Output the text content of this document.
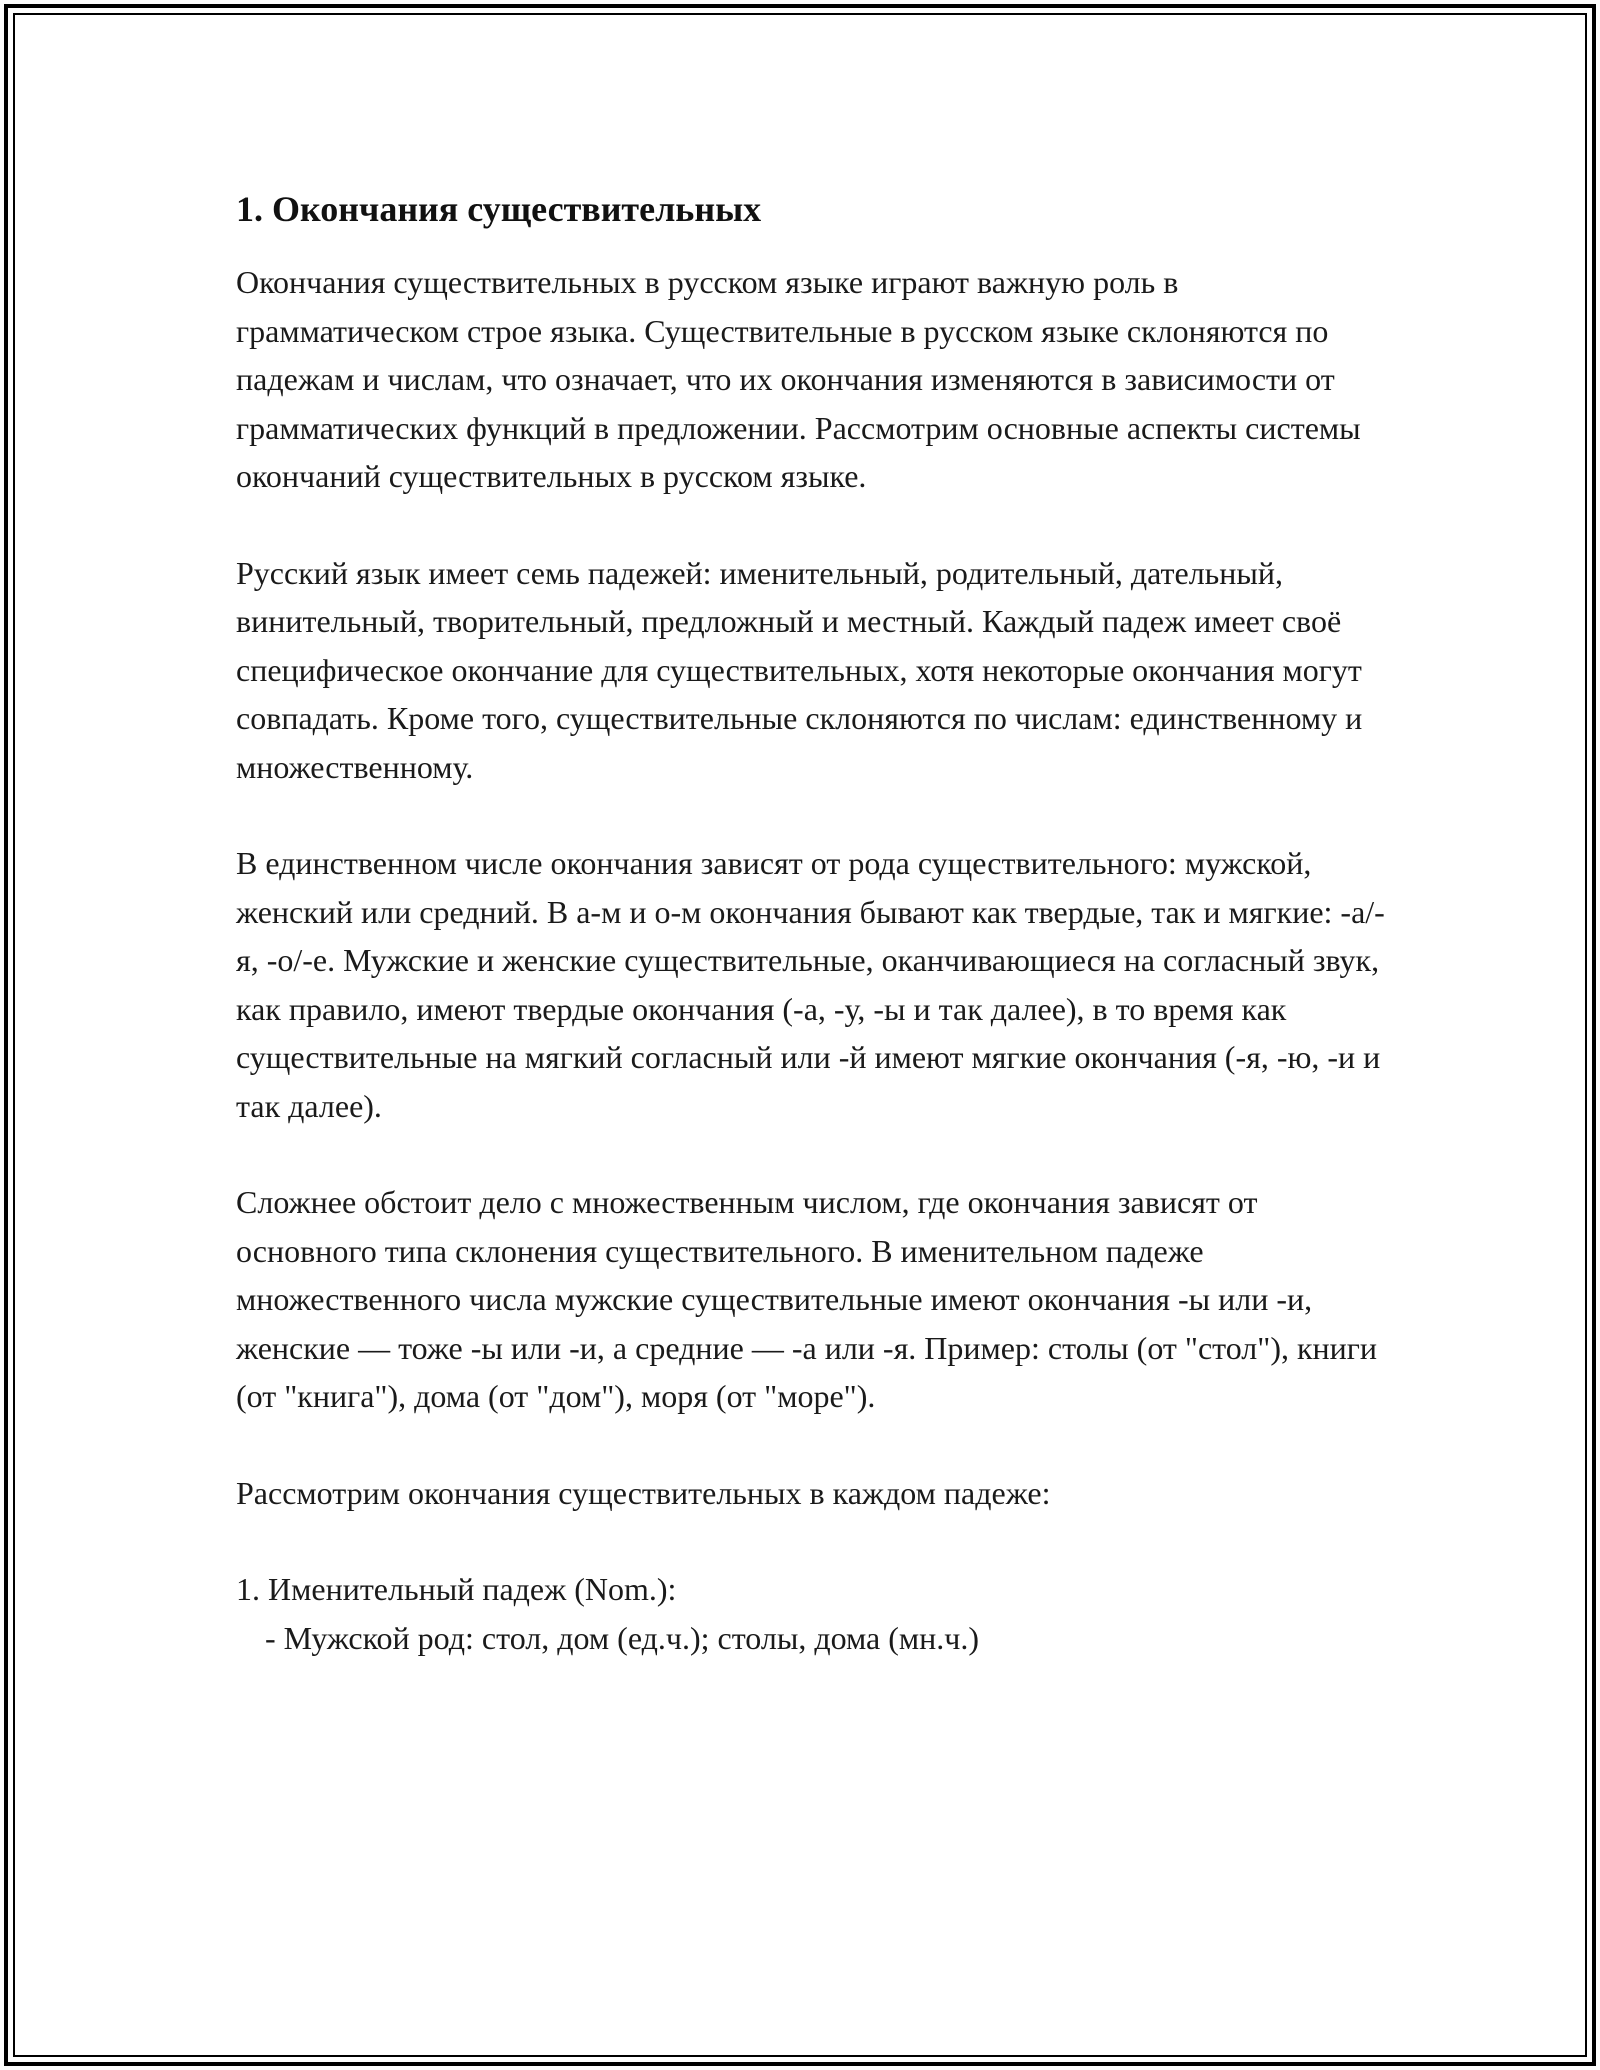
1. Окончания существительных

Окончания существительных в русском языке играют важную роль в грамматическом строе языка. Существительные в русском языке склоняются по падежам и числам, что означает, что их окончания изменяются в зависимости от грамматических функций в предложении. Рассмотрим основные аспекты системы окончаний существительных в русском языке.

Русский язык имеет семь падежей: именительный, родительный, дательный, винительный, творительный, предложный и местный. Каждый падеж имеет своё специфическое окончание для существительных, хотя некоторые окончания могут совпадать. Кроме того, существительные склоняются по числам: единственному и множественному.

В единственном числе окончания зависят от рода существительного: мужской, женский или средний. В а-м и о-м окончания бывают как твердые, так и мягкие: -а/-я, -о/-е. Мужские и женские существительные, оканчивающиеся на согласный звук, как правило, имеют твердые окончания (-а, -у, -ы и так далее), в то время как существительные на мягкий согласный или -й имеют мягкие окончания (-я, -ю, -и и так далее).

Сложнее обстоит дело с множественным числом, где окончания зависят от основного типа склонения существительного. В именительном падеже множественного числа мужские существительные имеют окончания -ы или -и, женские — тоже -ы или -и, а средние — -а или -я. Пример: столы (от "стол"), книги (от "книга"), дома (от "дом"), моря (от "море").

Рассмотрим окончания существительных в каждом падеже:

1. Именительный падеж (Nom.):

- Мужской род: стол, дом (ед.ч.); столы, дома (мн.ч.)
